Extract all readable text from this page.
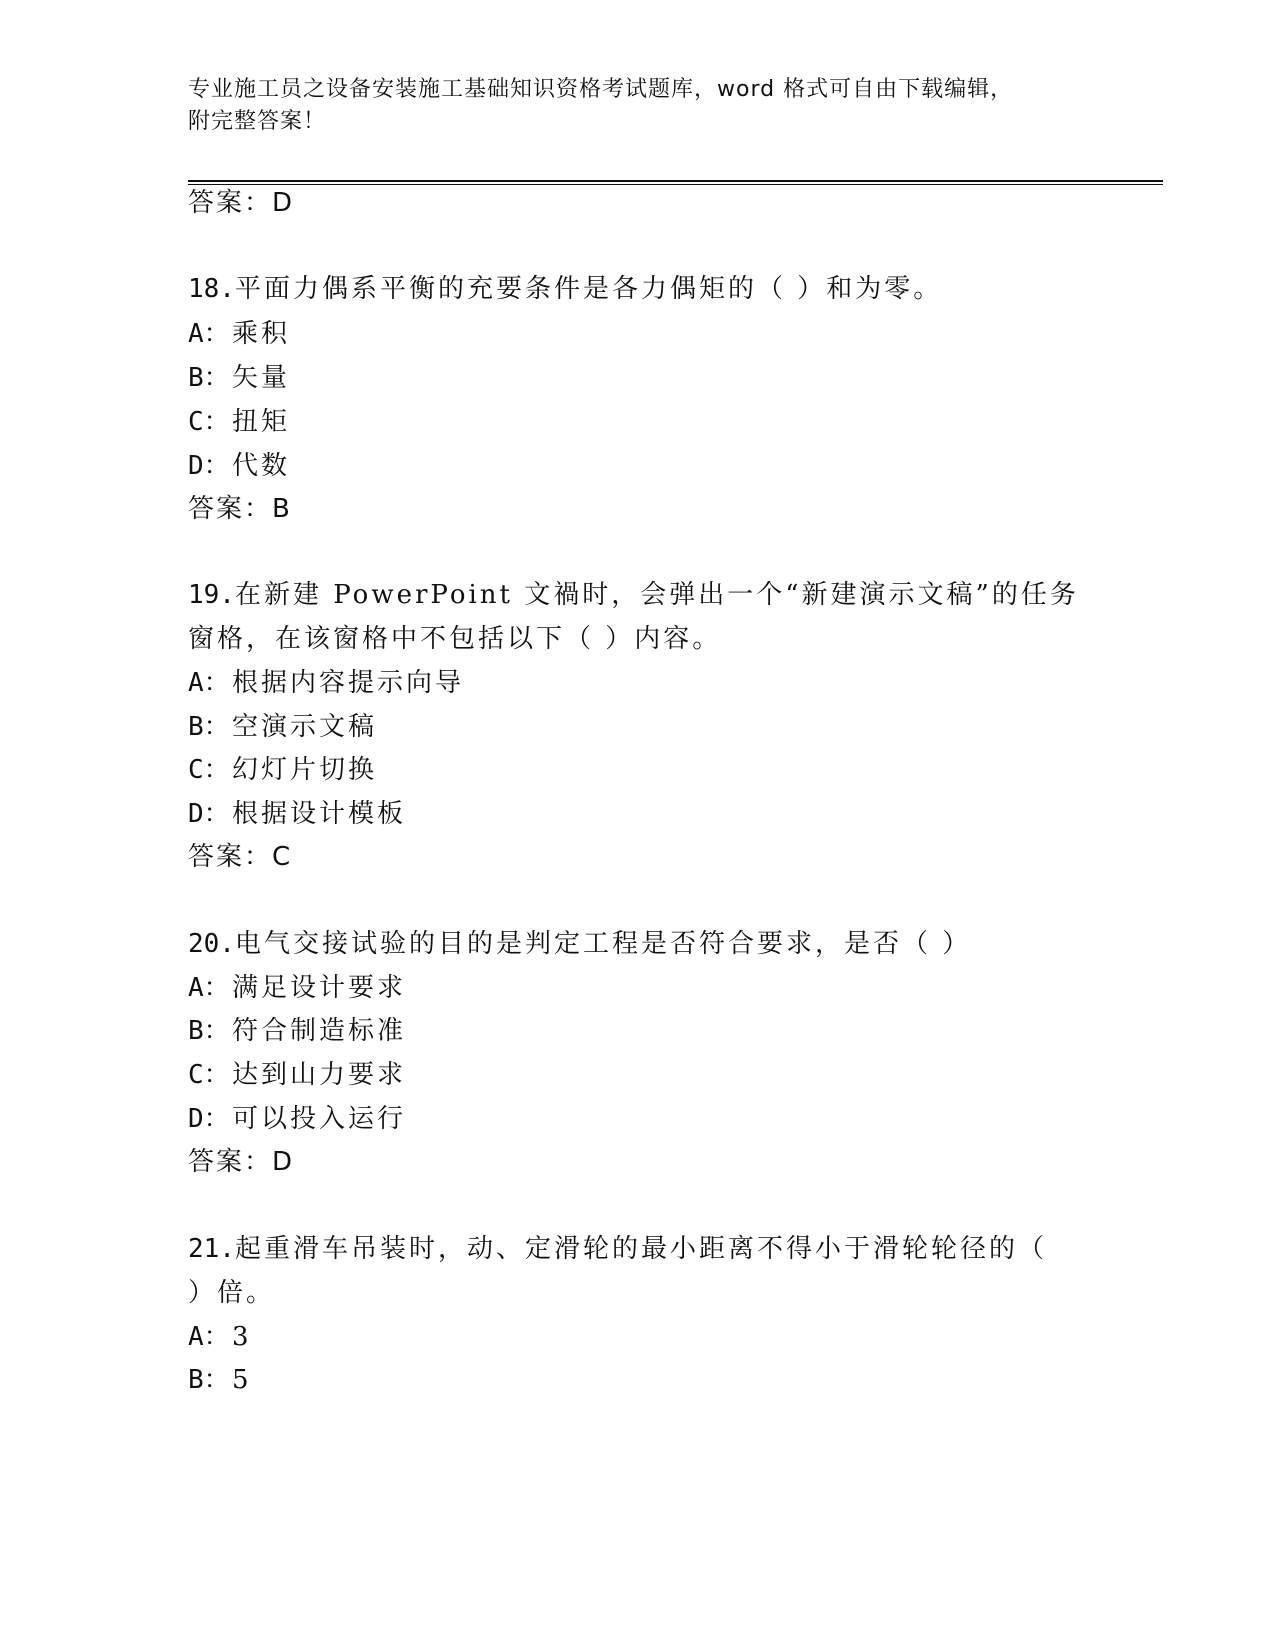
专业施工员之设备安装施工基础知识资格考试题库，word 格式可自由下载编辑，
附完整答案！
答案：D
18.平面力偶系平衡的充要条件是各力偶矩的（ ）和为零。
A：乘积
B：矢量
C：扭矩
D：代数
答案：B
19.在新建 PowerPoint 文禍时，会弹出一个“新建演示文稿”的任务
窗格，在该窗格中不包括以下（ ）内容。
A：根据内容提示向导
B：空演示文稿
C：幻灯片切换
D：根据设计模板
答案：C
20.电气交接试验的目的是判定工程是否符合要求，是否（ ）
A：满足设计要求
B：符合制造标准
C：达到山力要求
D：可以投入运行
答案：D
21.起重滑车吊装时，动、定滑轮的最小距离不得小于滑轮轮径的（
）倍。
A：3
B：5
